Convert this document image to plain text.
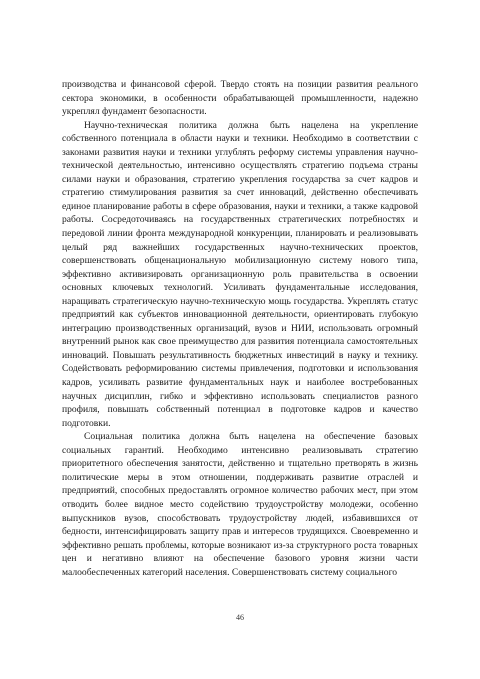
производства и финансовой сферой. Твердо стоять на позиции развития реального сектора экономики, в особенности обрабатывающей промышленности, надежно укреплял фундамент безопасности.

Научно-техническая политика должна быть нацелена на укрепление собственного потенциала в области науки и техники. Необходимо в соответствии с законами развития науки и техники углублять реформу системы управления научно-технической деятельностью, интенсивно осуществлять стратегию подъема страны силами науки и образования, стратегию укрепления государства за счет кадров и стратегию стимулирования развития за счет инноваций, действенно обеспечивать единое планирование работы в сфере образования, науки и техники, а также кадровой работы. Сосредоточиваясь на государственных стратегических потребностях и передовой линии фронта международной конкуренции, планировать и реализовывать целый ряд важнейших государственных научно-технических проектов, совершенствовать общенациональную мобилизационную систему нового типа, эффективно активизировать организационную роль правительства в освоении основных ключевых технологий. Усиливать фундаментальные исследования, наращивать стратегическую научно-техническую мощь государства. Укреплять статус предприятий как субъектов инновационной деятельности, ориентировать глубокую интеграцию производственных организаций, вузов и НИИ, использовать огромный внутренний рынок как свое преимущество для развития потенциала самостоятельных инноваций. Повышать результативность бюджетных инвестиций в науку и технику. Содействовать реформированию системы привлечения, подготовки и использования кадров, усиливать развитие фундаментальных наук и наиболее востребованных научных дисциплин, гибко и эффективно использовать специалистов разного профиля, повышать собственный потенциал в подготовке кадров и качество подготовки.

Социальная политика должна быть нацелена на обеспечение базовых социальных гарантий. Необходимо интенсивно реализовывать стратегию приоритетного обеспечения занятости, действенно и тщательно претворять в жизнь политические меры в этом отношении, поддерживать развитие отраслей и предприятий, способных предоставлять огромное количество рабочих мест, при этом отводить более видное место содействию трудоустройству молодежи, особенно выпускников вузов, способствовать трудоустройству людей, избавившихся от бедности, интенсифицировать защиту прав и интересов трудящихся. Своевременно и эффективно решать проблемы, которые возникают из-за структурного роста товарных цен и негативно влияют на обеспечение базового уровня жизни части малообеспеченных категорий населения. Совершенствовать систему социального

46
